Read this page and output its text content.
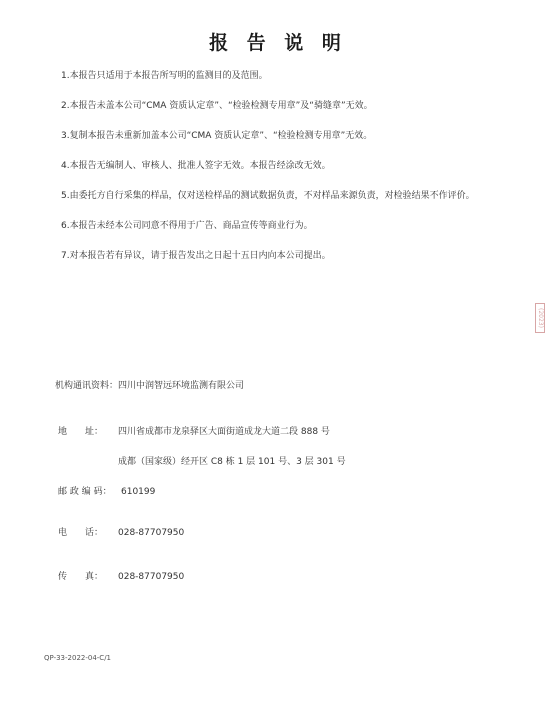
报 告 说 明
1.本报告只适用于本报告所写明的监测目的及范围。
2.本报告未盖本公司“CMA 资质认定章”、“检验检测专用章”及“骑缝章”无效。
3.复制本报告未重新加盖本公司“CMA 资质认定章”、“检验检测专用章”无效。
4.本报告无编制人、审核人、批准人签字无效。本报告经涂改无效。
5.由委托方自行采集的样品，仅对送检样品的测试数据负责，不对样品来源负责，对检验结果不作评价。
6.本报告未经本公司同意不得用于广告、商品宣传等商业行为。
7.对本报告若有异议，请于报告发出之日起十五日内向本公司提出。
(2023)
机构通讯资料：四川中润智远环境监测有限公司
地　　址： 四川省成都市龙泉驿区大面街道成龙大道二段 888 号
成都（国家级）经开区 C8 栋 1 层 101 号、3 层 301 号
邮 政 编 码： 610199
电　　话： 028-87707950
传　　真： 028-87707950
QP-33-2022-04-C/1
